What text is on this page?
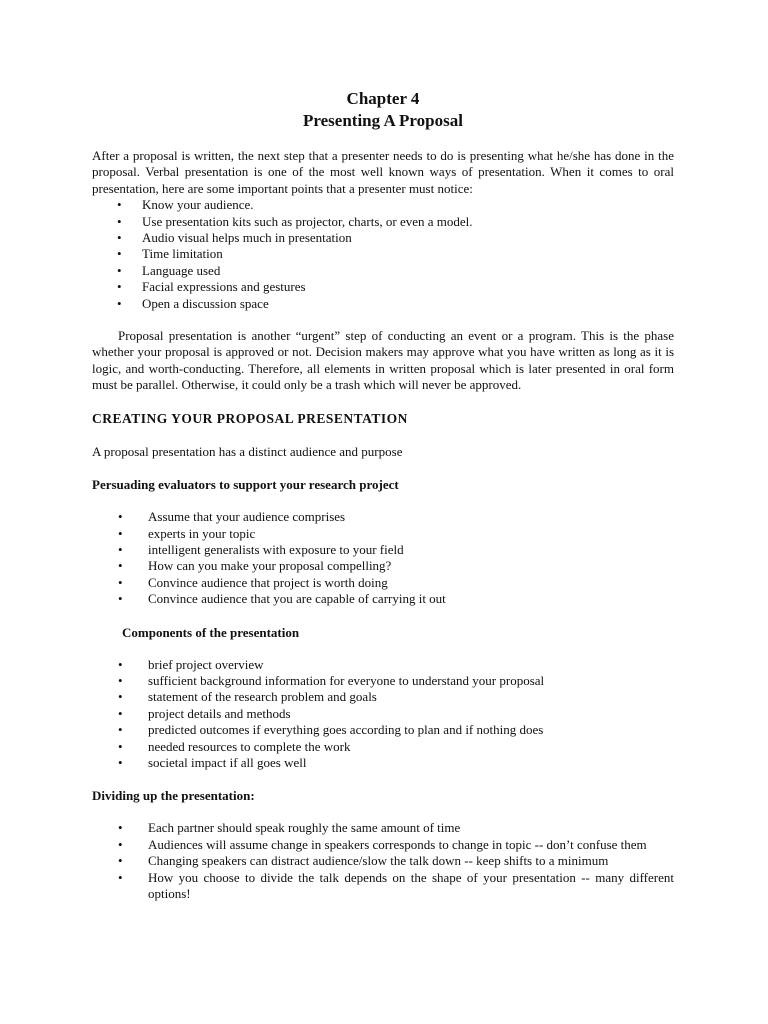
Chapter 4
Presenting A Proposal

After a proposal is written, the next step that a presenter needs to do is presenting what he/she has done in the proposal. Verbal presentation is one of the most well known ways of presentation. When it comes to oral presentation, here are some important points that a presenter must notice:

• Know your audience.
• Use presentation kits such as projector, charts, or even a model.
• Audio visual helps much in presentation
• Time limitation
• Language used
• Facial expressions and gestures
• Open a discussion space

Proposal presentation is another “urgent” step of conducting an event or a program. This is the phase whether your proposal is approved or not. Decision makers may approve what you have written as long as it is logic, and worth-conducting. Therefore, all elements in written proposal which is later presented in oral form must be parallel. Otherwise, it could only be a trash which will never be approved.

CREATING YOUR PROPOSAL PRESENTATION

A proposal presentation has a distinct audience and purpose

Persuading evaluators to support your research project
• Assume that your audience comprises
• experts in your topic
• intelligent generalists with exposure to your field
• How can you make your proposal compelling?
• Convince audience that project is worth doing
• Convince audience that you are capable of carrying it out
Components of the presentation
• brief project overview
• sufficient background information for everyone to understand your proposal
• statement of the research problem and goals
• project details and methods
• predicted outcomes if everything goes according to plan and if nothing does
• needed resources to complete the work
• societal impact if all goes well
Dividing up the presentation:
• Each partner should speak roughly the same amount of time
• Audiences will assume change in speakers corresponds to change in topic -- don’t confuse them
• Changing speakers can distract audience/slow the talk down -- keep shifts to a minimum
• How you choose to divide the talk depends on the shape of your presentation -- many different options!
